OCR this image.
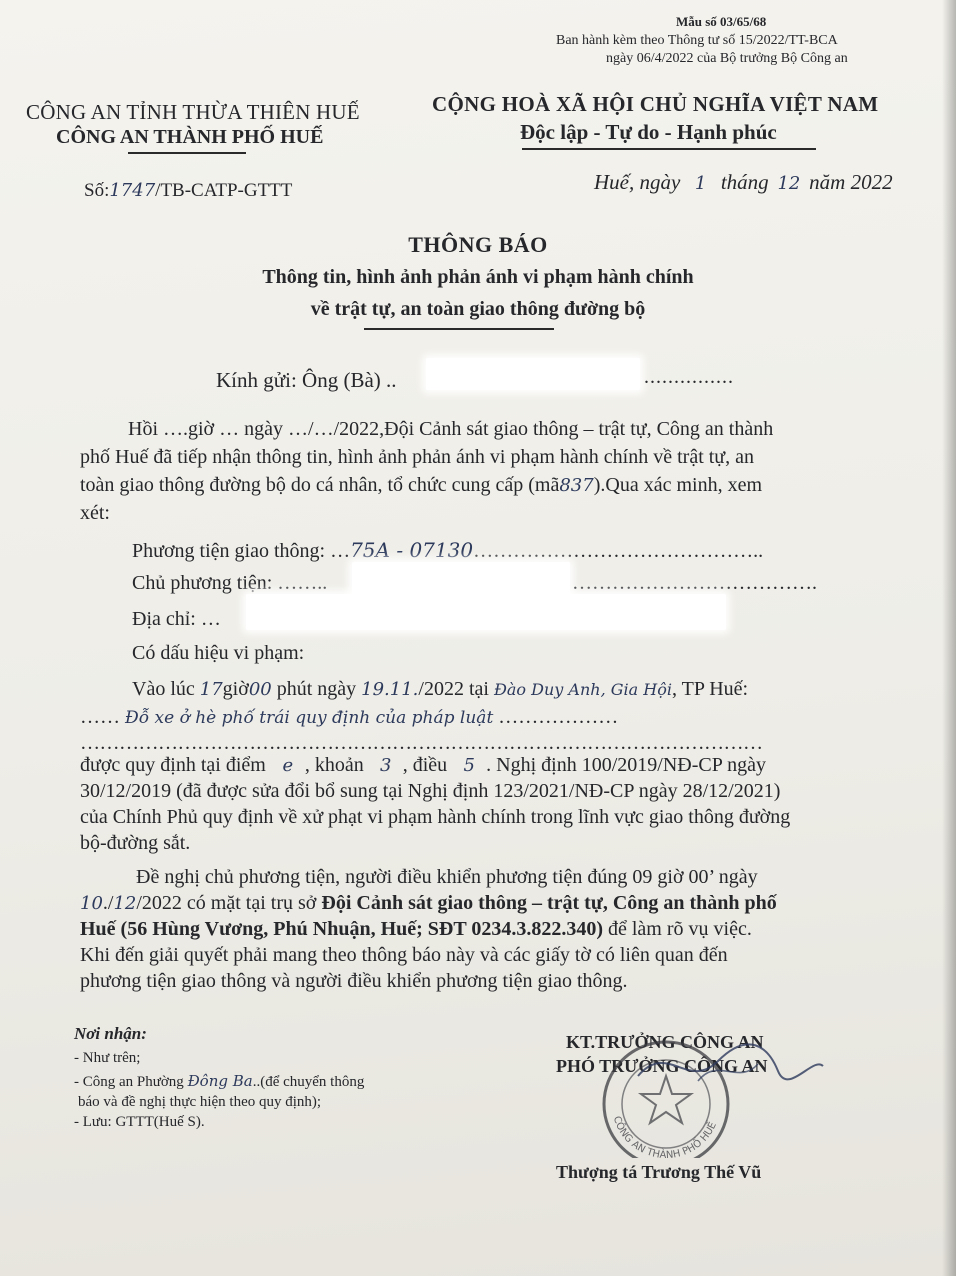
Mẫu số 03/65/68
Ban hành kèm theo Thông tư số 15/2022/TT-BCA
ngày 06/4/2022 của Bộ trưởng Bộ Công an
CÔNG AN TỈNH THỪA THIÊN HUẾ
CÔNG AN THÀNH PHỐ HUẾ
CỘNG HOÀ XÃ HỘI CHỦ NGHĨA VIỆT NAM
Độc lập - Tự do - Hạnh phúc
Số:1747/TB-CATP-GTTT	Huế, ngày 1 tháng 12 năm 2022
THÔNG BÁO
Thông tin, hình ảnh phản ánh vi phạm hành chính
về trật tự, an toàn giao thông đường bộ
Kính gửi: Ông (Bà) ..	...............
Hồi ….giờ … ngày …/…/2022,Đội Cảnh sát giao thông – trật tự, Công an thành
phố Huế đã tiếp nhận thông tin, hình ảnh phản ánh vi phạm hành chính về trật tự, an
toàn giao thông đường bộ do cá nhân, tổ chức cung cấp (mã837).Qua xác minh, xem
xét:
Phương tiện giao thông: …75A - 07130……………………………………..
Chủ phương tiện: ……..	……………………………….
Địa chỉ: …
Có dấu hiệu vi phạm:
Vào lúc 17giờ00 phút ngày 19.11./2022 tại Đào Duy Anh, Gia Hội, TP Huế:
…… Đỗ xe ở hè phố trái quy định của pháp luật ………………
……………………………………………………………………………………………
được quy định tại điểm e , khoản 3 , điều 5 . Nghị định 100/2019/NĐ-CP ngày
30/12/2019 (đã được sửa đổi bổ sung tại Nghị định 123/2021/NĐ-CP ngày 28/12/2021)
của Chính Phủ quy định về xử phạt vi phạm hành chính trong lĩnh vực giao thông đường
bộ-đường sắt.
Đề nghị chủ phương tiện, người điều khiển phương tiện đúng 09 giờ 00’ ngày
10./12/2022 có mặt tại trụ sở Đội Cảnh sát giao thông – trật tự, Công an thành phố
Huế (56 Hùng Vương, Phú Nhuận, Huế; SĐT 0234.3.822.340) để làm rõ vụ việc.
Khi đến giải quyết phải mang theo thông báo này và các giấy tờ có liên quan đến
phương tiện giao thông và người điều khiển phương tiện giao thông.
Nơi nhận:
- Như trên;
- Công an Phường Đông Ba..(để chuyển thông
báo và đề nghị thực hiện theo quy định);
- Lưu: GTTT(Huế S).
KT.TRƯỞNG CÔNG AN
PHÓ TRƯỞNG CÔNG AN
CÔNG AN THÀNH PHỐ HUẾ
Thượng tá Trương Thế Vũ
